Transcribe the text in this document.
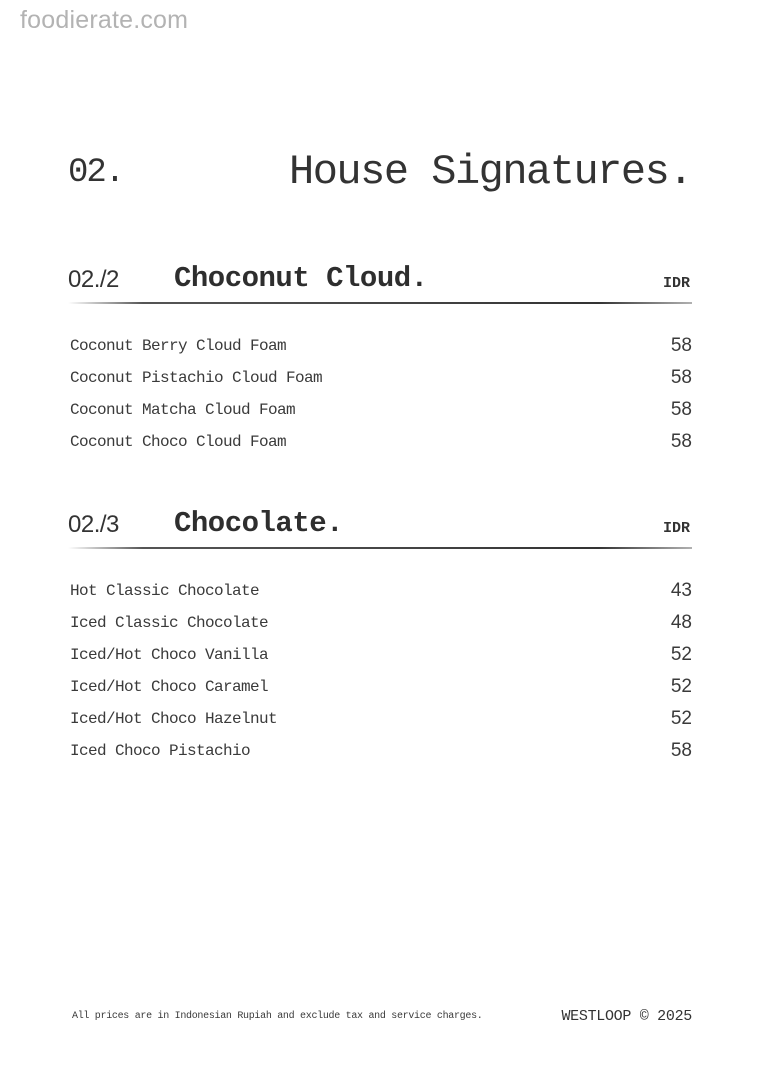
foodierate.com
02.	House Signatures.
02./2 Choconut Cloud.	IDR
Coconut Berry Cloud Foam	58
Coconut Pistachio Cloud Foam	58
Coconut Matcha Cloud Foam	58
Coconut Choco Cloud Foam	58
02./3 Chocolate.	IDR
Hot Classic Chocolate	43
Iced Classic Chocolate	48
Iced/Hot Choco Vanilla	52
Iced/Hot Choco Caramel	52
Iced/Hot Choco Hazelnut	52
Iced Choco Pistachio	58
All prices are in Indonesian Rupiah and exclude tax and service charges.	WESTLOOP © 2025
